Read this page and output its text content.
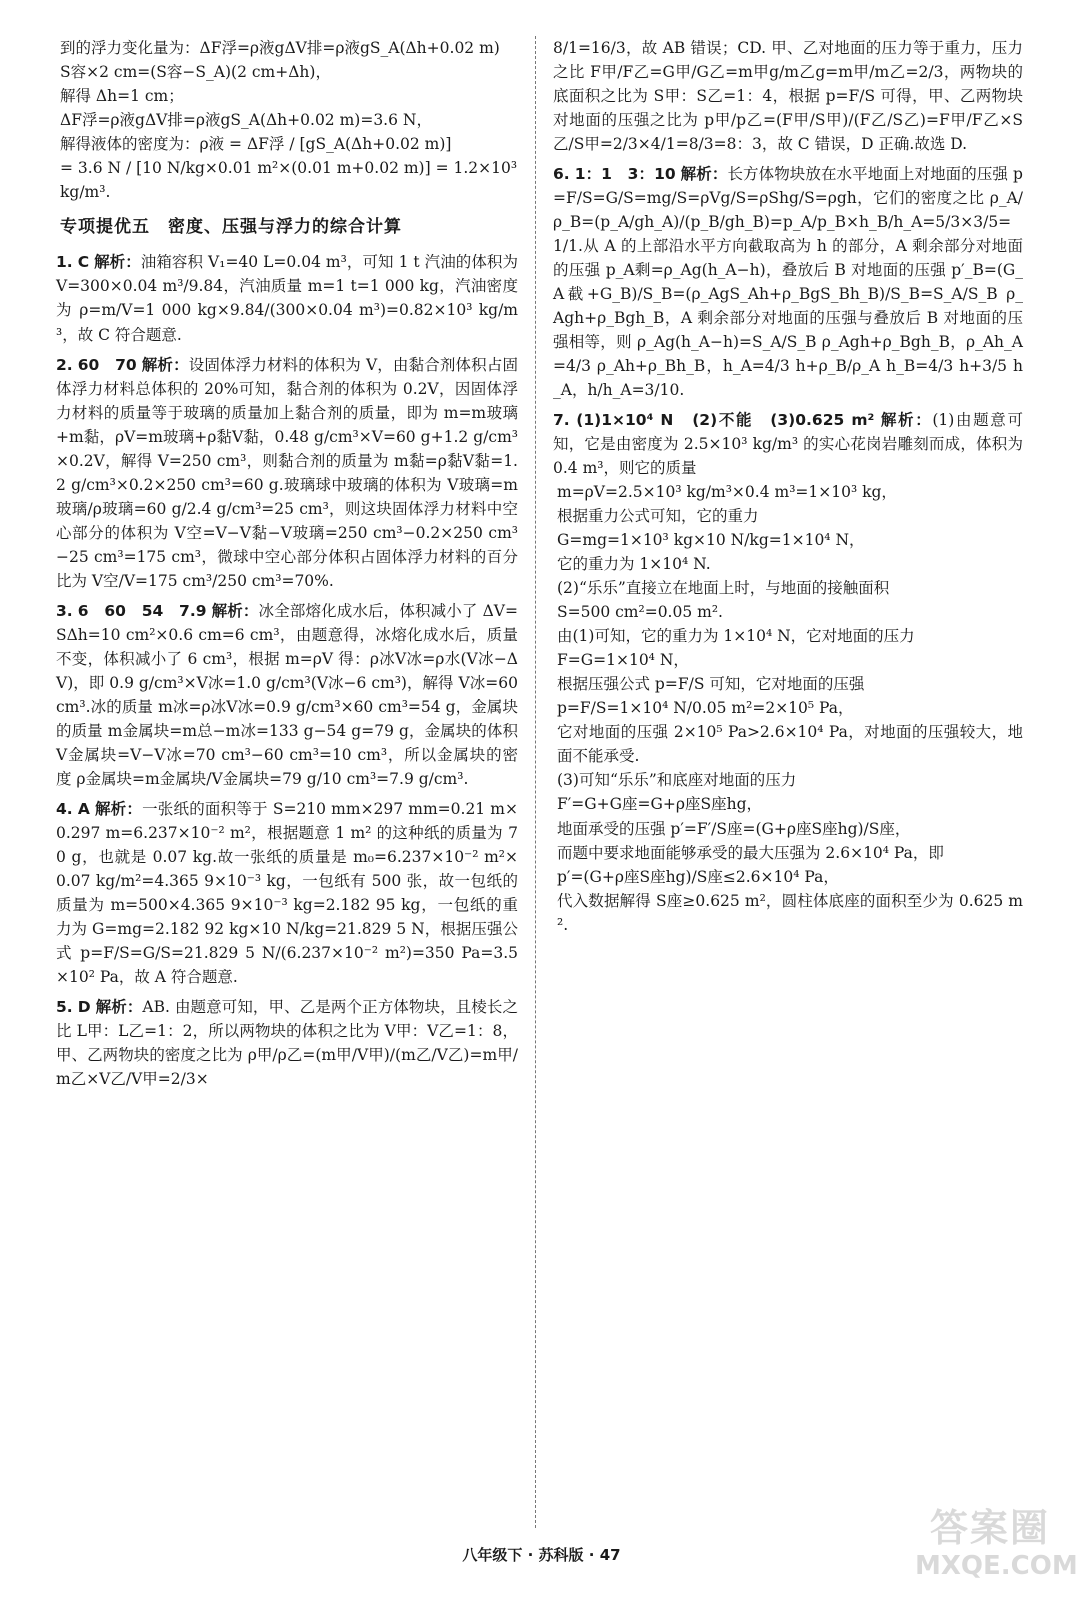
到的浮力变化量为：ΔF浮=ρ液gΔV排=ρ液gS_A(Δh+0.02 m)

S容×2 cm=(S容−S_A)(2 cm+Δh)，

解得 Δh=1 cm；

ΔF浮=ρ液gΔV排=ρ液gS_A(Δh+0.02 m)=3.6 N，

解得液体的密度为：ρ液 = ΔF浮 / [gS_A(Δh+0.02 m)]

= 3.6 N / [10 N/kg×0.01 m²×(0.01 m+0.02 m)] = 1.2×10³ kg/m³.

专项提优五　密度、压强与浮力的综合计算
1. C 解析：油箱容积 V₁=40 L=0.04 m³，可知 1 t 汽油的体积为 V=300×0.04 m³/9.84，汽油质量 m=1 t=1 000 kg，汽油密度为 ρ=m/V=1 000 kg×9.84/(300×0.04 m³)=0.82×10³ kg/m³，故 C 符合题意.
2. 60　70 解析：设固体浮力材料的体积为 V，由黏合剂体积占固体浮力材料总体积的 20%可知，黏合剂的体积为 0.2V，因固体浮力材料的质量等于玻璃的质量加上黏合剂的质量，即为 m=m玻璃+m黏，ρV=m玻璃+ρ黏V黏，0.48 g/cm³×V=60 g+1.2 g/cm³×0.2V，解得 V=250 cm³，则黏合剂的质量为 m黏=ρ黏V黏=1.2 g/cm³×0.2×250 cm³=60 g.玻璃球中玻璃的体积为 V玻璃=m玻璃/ρ玻璃=60 g/2.4 g/cm³=25 cm³，则这块固体浮力材料中空心部分的体积为 V空=V−V黏−V玻璃=250 cm³−0.2×250 cm³−25 cm³=175 cm³，微球中空心部分体积占固体浮力材料的百分比为 V空/V=175 cm³/250 cm³=70%.
3. 6　60　54　7.9 解析：冰全部熔化成水后，体积减小了 ΔV=SΔh=10 cm²×0.6 cm=6 cm³，由题意得，冰熔化成水后，质量不变，体积减小了 6 cm³，根据 m=ρV 得：ρ冰V冰=ρ水(V冰−ΔV)，即 0.9 g/cm³×V冰=1.0 g/cm³(V冰−6 cm³)，解得 V冰=60 cm³.冰的质量 m冰=ρ冰V冰=0.9 g/cm³×60 cm³=54 g，金属块的质量 m金属块=m总−m冰=133 g−54 g=79 g，金属块的体积 V金属块=V−V冰=70 cm³−60 cm³=10 cm³，所以金属块的密度 ρ金属块=m金属块/V金属块=79 g/10 cm³=7.9 g/cm³.
4. A 解析：一张纸的面积等于 S=210 mm×297 mm=0.21 m×0.297 m=6.237×10⁻² m²，根据题意 1 m² 的这种纸的质量为 70 g，也就是 0.07 kg.故一张纸的质量是 m₀=6.237×10⁻² m²×0.07 kg/m²=4.365 9×10⁻³ kg，一包纸有 500 张，故一包纸的质量为 m=500×4.365 9×10⁻³ kg=2.182 95 kg，一包纸的重力为 G=mg=2.182 92 kg×10 N/kg=21.829 5 N，根据压强公式 p=F/S=G/S=21.829 5 N/(6.237×10⁻² m²)=350 Pa=3.5×10² Pa，故 A 符合题意.
5. D 解析：AB. 由题意可知，甲、乙是两个正方体物块，且棱长之比 L甲：L乙=1：2，所以两物块的体积之比为 V甲：V乙=1：8，甲、乙两物块的密度之比为 ρ甲/ρ乙=(m甲/V甲)/(m乙/V乙)=m甲/m乙×V乙/V甲=2/3×
8/1=16/3，故 AB 错误；CD. 甲、乙对地面的压力等于重力，压力之比 F甲/F乙=G甲/G乙=m甲g/m乙g=m甲/m乙=2/3，两物块的底面积之比为 S甲：S乙=1：4，根据 p=F/S 可得，甲、乙两物块对地面的压强之比为 p甲/p乙=(F甲/S甲)/(F乙/S乙)=F甲/F乙×S乙/S甲=2/3×4/1=8/3=8：3，故 C 错误，D 正确.故选 D.
6. 1：1　3：10 解析：长方体物块放在水平地面上对地面的压强 p=F/S=G/S=mg/S=ρVg/S=ρShg/S=ρgh，它们的密度之比 ρ_A/ρ_B=(p_A/gh_A)/(p_B/gh_B)=p_A/p_B×h_B/h_A=5/3×3/5=1/1.从 A 的上部沿水平方向截取高为 h 的部分，A 剩余部分对地面的压强 p_A剩=ρ_Ag(h_A−h)，叠放后 B 对地面的压强 p′_B=(G_A截+G_B)/S_B=(ρ_AgS_Ah+ρ_BgS_Bh_B)/S_B=S_A/S_B ρ_Agh+ρ_Bgh_B，A 剩余部分对地面的压强与叠放后 B 对地面的压强相等，则 ρ_Ag(h_A−h)=S_A/S_B ρ_Agh+ρ_Bgh_B，ρ_Ah_A=4/3 ρ_Ah+ρ_Bh_B，h_A=4/3 h+ρ_B/ρ_A h_B=4/3 h+3/5 h_A，h/h_A=3/10.
7. (1)1×10⁴ N　(2)不能　(3)0.625 m² 解析：(1)由题意可知，它是由密度为 2.5×10³ kg/m³ 的实心花岗岩雕刻而成，体积为 0.4 m³，则它的质量

m=ρV=2.5×10³ kg/m³×0.4 m³=1×10³ kg，

根据重力公式可知，它的重力

G=mg=1×10³ kg×10 N/kg=1×10⁴ N，

它的重力为 1×10⁴ N.

(2)“乐乐”直接立在地面上时，与地面的接触面积

S=500 cm²=0.05 m².

由(1)可知，它的重力为 1×10⁴ N，它对地面的压力

F=G=1×10⁴ N，

根据压强公式 p=F/S 可知，它对地面的压强

p=F/S=1×10⁴ N/0.05 m²=2×10⁵ Pa，

它对地面的压强 2×10⁵ Pa>2.6×10⁴ Pa，对地面的压强较大，地面不能承受.

(3)可知“乐乐”和底座对地面的压力

F′=G+G座=G+ρ座S座hg，

地面承受的压强 p′=F′/S座=(G+ρ座S座hg)/S座，

而题中要求地面能够承受的最大压强为 2.6×10⁴ Pa，即

p′=(G+ρ座S座hg)/S座≤2.6×10⁴ Pa，

代入数据解得 S座≥0.625 m²，圆柱体底座的面积至少为 0.625 m².

八年级下 · 苏科版 · 47
答案圈
MXQE.COM
